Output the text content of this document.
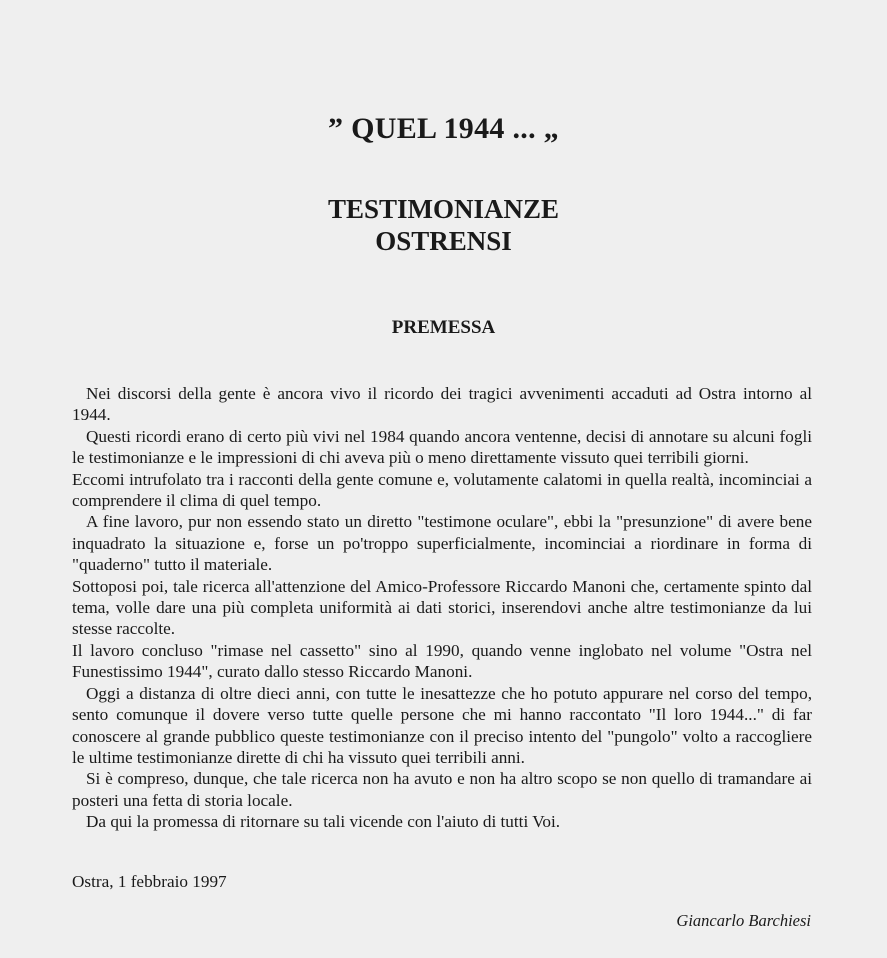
” QUEL 1944 ... „
TESTIMONIANZE
OSTRENSI
PREMESSA

Nei discorsi della gente è ancora vivo il ricordo dei tragici avvenimenti accaduti ad Ostra intorno al 1944.

Questi ricordi erano di certo più vivi nel 1984 quando ancora ventenne, decisi di annotare su alcuni fogli le testimonianze e le impressioni di chi aveva più o meno direttamente vissuto quei terribili giorni.

Eccomi intrufolato tra i racconti della gente comune e, volutamente calatomi in quella realtà, incominciai a comprendere il clima di quel tempo.

A fine lavoro, pur non essendo stato un diretto "testimone oculare", ebbi la "presunzione" di avere bene inquadrato la situazione e, forse un po'troppo superficialmente, incominciai a riordinare in forma di "quaderno" tutto il materiale.

Sottoposi poi, tale ricerca all'attenzione del Amico-Professore Riccardo Manoni che, certamente spinto dal tema, volle dare una più completa uniformità ai dati storici, inserendovi anche altre testimonianze da lui stesse raccolte.

Il lavoro concluso "rimase nel cassetto" sino al 1990, quando venne inglobato nel volume "Ostra nel Funestissimo 1944", curato dallo stesso Riccardo Manoni.

Oggi a distanza di oltre dieci anni, con tutte le inesattezze che ho potuto appurare nel corso del tempo, sento comunque il dovere verso tutte quelle persone che mi hanno raccontato "Il loro 1944..." di far conoscere al grande pubblico queste testimonianze con il preciso intento del "pungolo" volto a raccogliere le ultime testimonianze dirette di chi ha vissuto quei terribili anni.

Si è compreso, dunque, che tale ricerca non ha avuto e non ha altro scopo se non quello di tramandare ai posteri una fetta di storia locale.

Da qui la promessa di ritornare su tali vicende con l'aiuto di tutti Voi.

Ostra, 1 febbraio 1997
Giancarlo Barchiesi
